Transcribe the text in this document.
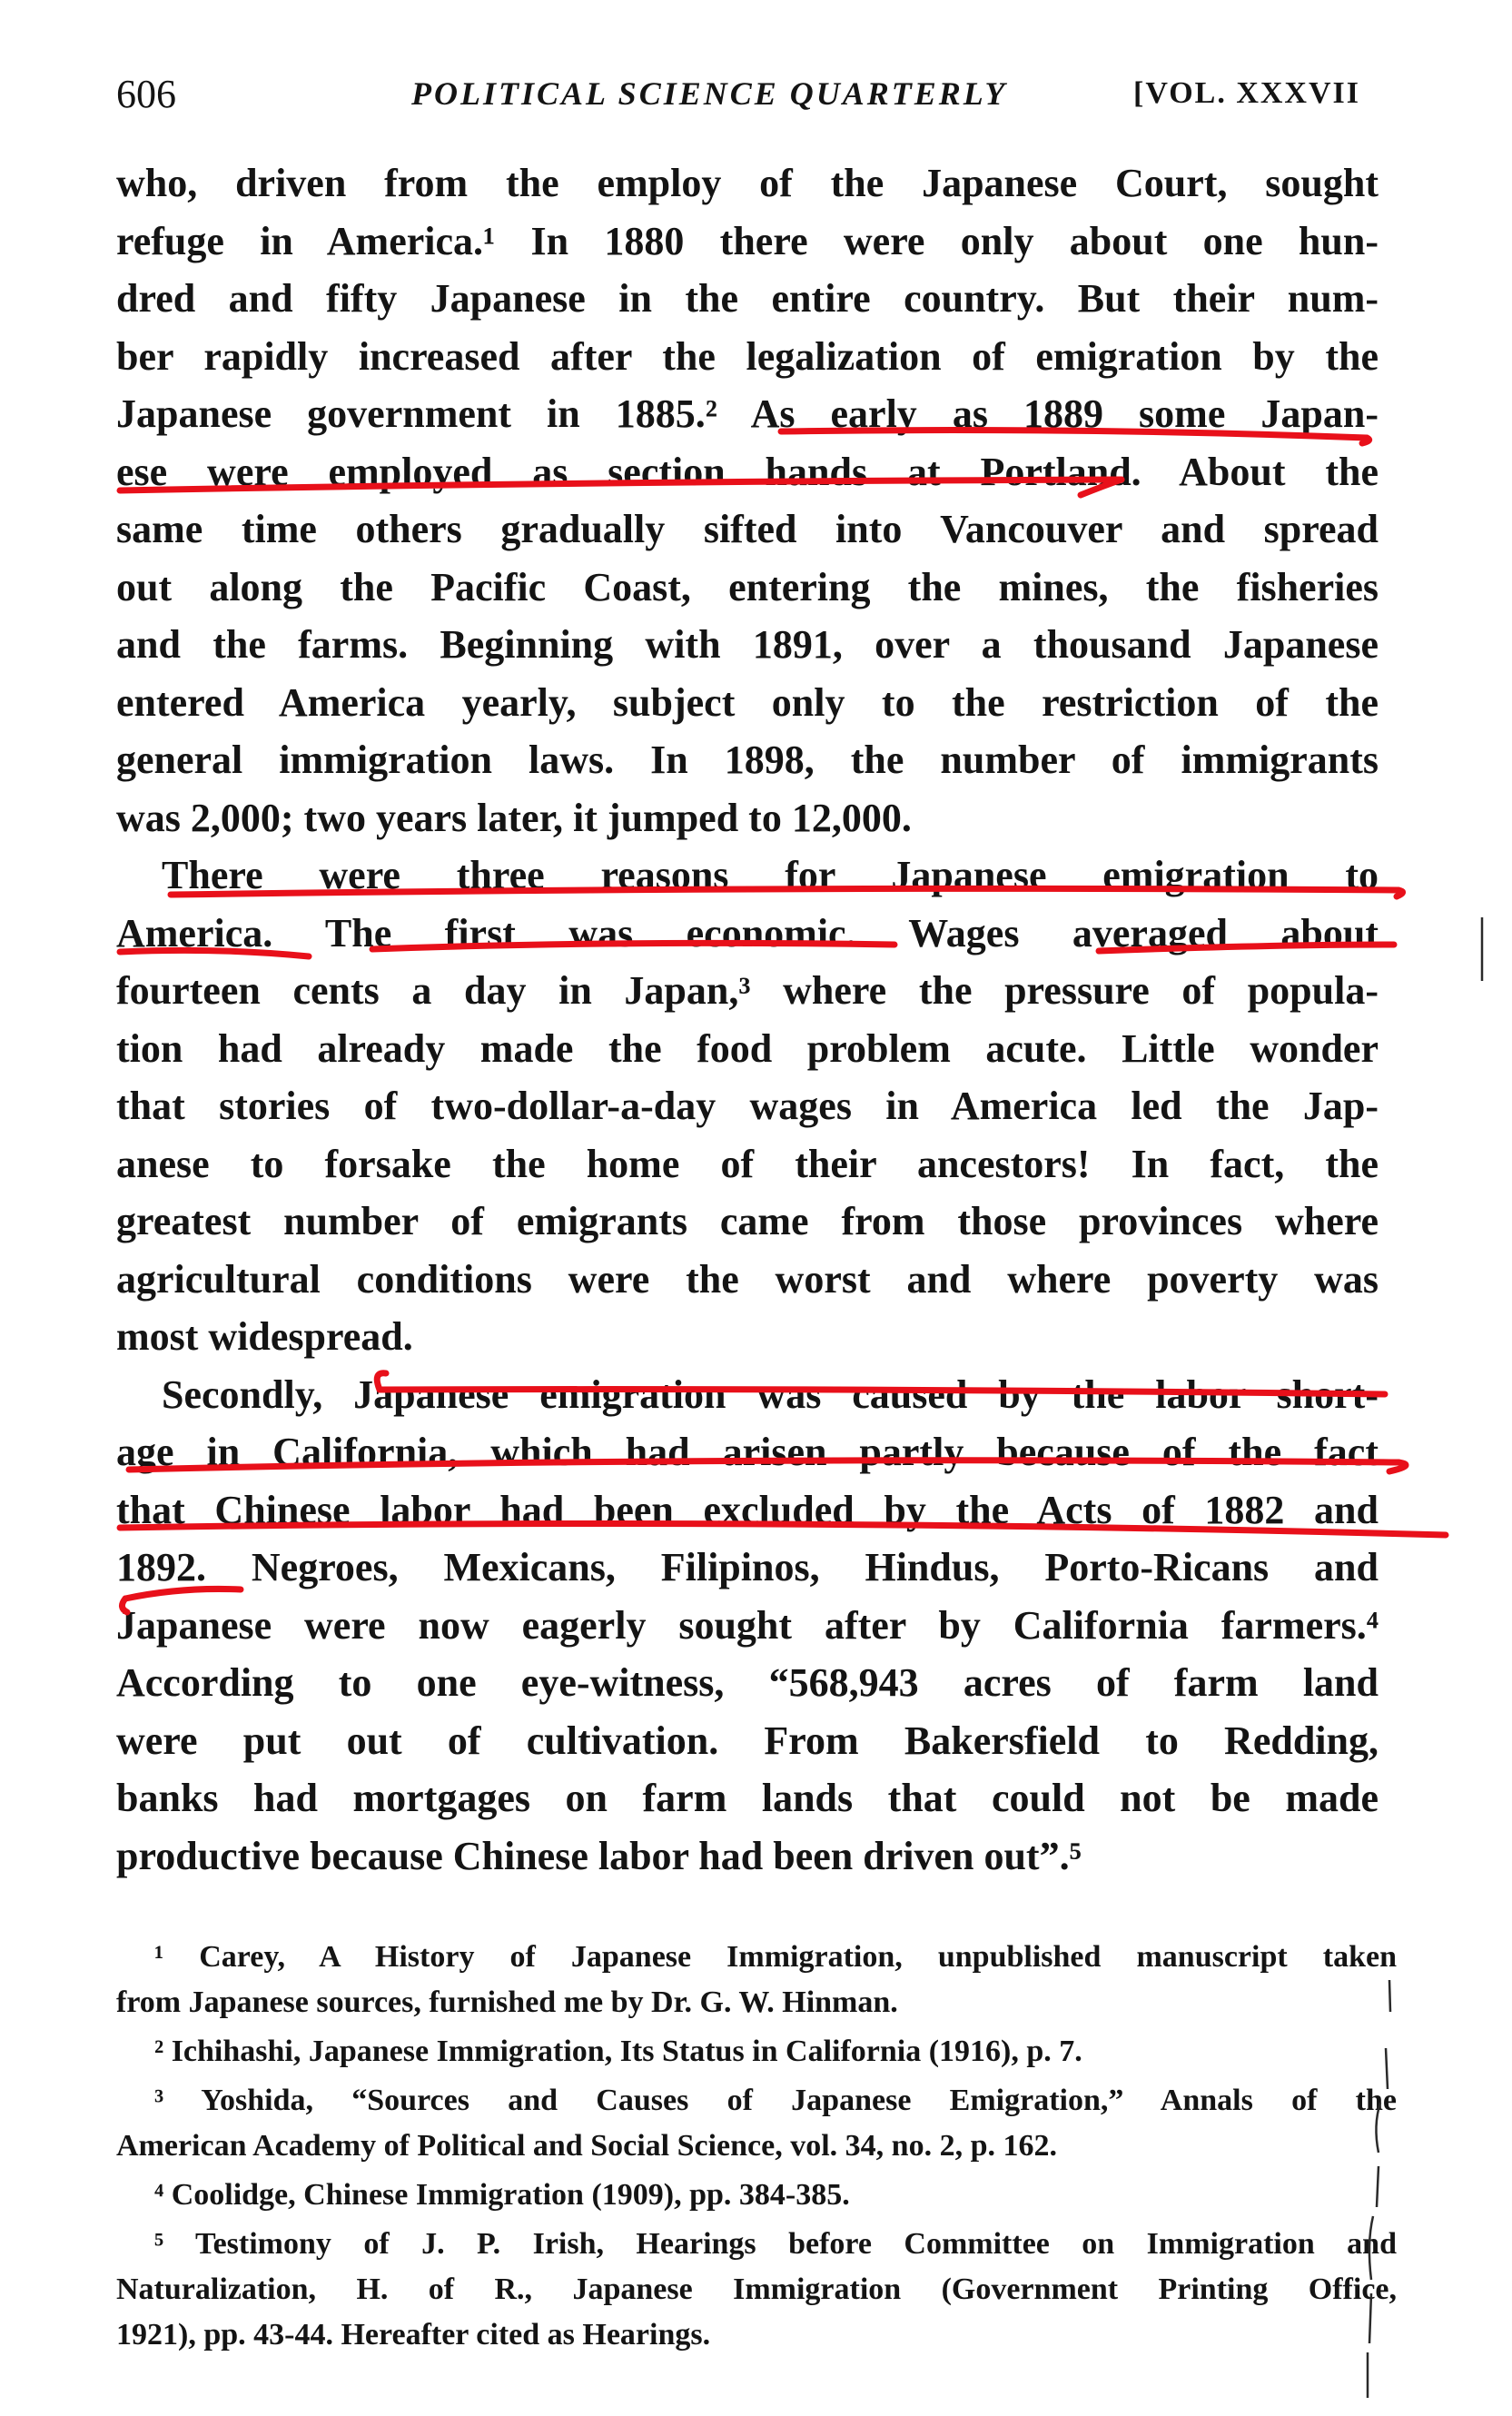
606	POLITICAL SCIENCE QUARTERLY	[VOL. XXXVII
who, driven from the employ of the Japanese Court, sought
refuge in America.¹ In 1880 there were only about one hun-
dred and fifty Japanese in the entire country. But their num-
ber rapidly increased after the legalization of emigration by the
Japanese government in 1885.² As early as 1889 some Japan-
ese were employed as section hands at Portland. About the
same time others gradually sifted into Vancouver and spread
out along the Pacific Coast, entering the mines, the fisheries
and the farms. Beginning with 1891, over a thousand Japanese
entered America yearly, subject only to the restriction of the
general immigration laws. In 1898, the number of immigrants
was 2,000; two years later, it jumped to 12,000.
There were three reasons for Japanese emigration to
America. The first was economic. Wages averaged about
fourteen cents a day in Japan,³ where the pressure of popula-
tion had already made the food problem acute. Little wonder
that stories of two-dollar-a-day wages in America led the Jap-
anese to forsake the home of their ancestors! In fact, the
greatest number of emigrants came from those provinces where
agricultural conditions were the worst and where poverty was
most widespread.
Secondly, Japanese emigration was caused by the labor short-
age in California, which had arisen partly because of the fact
that Chinese labor had been excluded by the Acts of 1882 and
1892. Negroes, Mexicans, Filipinos, Hindus, Porto-Ricans and
Japanese were now eagerly sought after by California farmers.⁴
According to one eye-witness, “568,943 acres of farm land
were put out of cultivation. From Bakersfield to Redding,
banks had mortgages on farm lands that could not be made
productive because Chinese labor had been driven out”.⁵
¹ Carey, A History of Japanese Immigration, unpublished manuscript taken
from Japanese sources, furnished me by Dr. G. W. Hinman.
² Ichihashi, Japanese Immigration, Its Status in California (1916), p. 7.
³ Yoshida, “Sources and Causes of Japanese Emigration,” Annals of the
American Academy of Political and Social Science, vol. 34, no. 2, p. 162.
⁴ Coolidge, Chinese Immigration (1909), pp. 384-385.
⁵ Testimony of J. P. Irish, Hearings before Committee on Immigration and
Naturalization, H. of R., Japanese Immigration (Government Printing Office,
1921), pp. 43-44. Hereafter cited as Hearings.
